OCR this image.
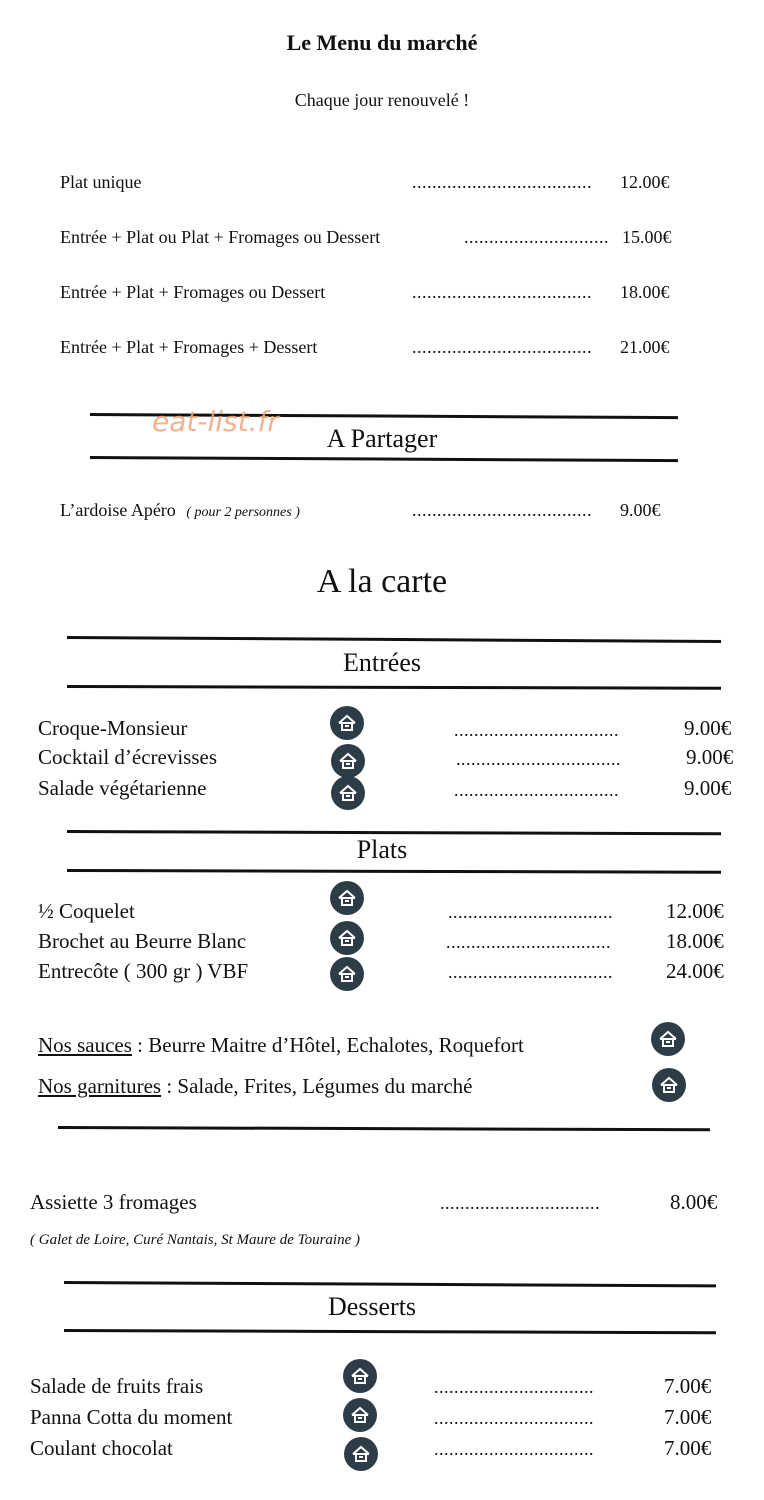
Le Menu du marché
Chaque jour renouvelé !
Plat unique	.................................... 12.00€
Entrée + Plat ou Plat + Fromages ou Dessert	............................. 15.00€
Entrée + Plat + Fromages ou Dessert	.................................... 18.00€
Entrée + Plat + Fromages + Dessert	.................................... 21.00€
eat-list.fr
A Partager
L’ardoise Apéro ( pour 2 personnes )	.................................... 9.00€
A la carte
Entrées
Croque-Monsieur	.................................	9.00€
Cocktail d’écrevisses	.................................	9.00€
Salade végétarienne	.................................	9.00€
Plats
½ Coquelet	.................................	12.00€
Brochet au Beurre Blanc	.................................	18.00€
Entrecôte ( 300 gr ) VBF	.................................	24.00€
Nos sauces : Beurre Maitre d’Hôtel, Echalotes, Roquefort
Nos garnitures : Salade, Frites, Légumes du marché
Assiette 3 fromages	................................	8.00€
( Galet de Loire, Curé Nantais, St Maure de Touraine )
Desserts
Salade de fruits frais	................................	7.00€
Panna Cotta du moment	................................	7.00€
Coulant chocolat	................................	7.00€
